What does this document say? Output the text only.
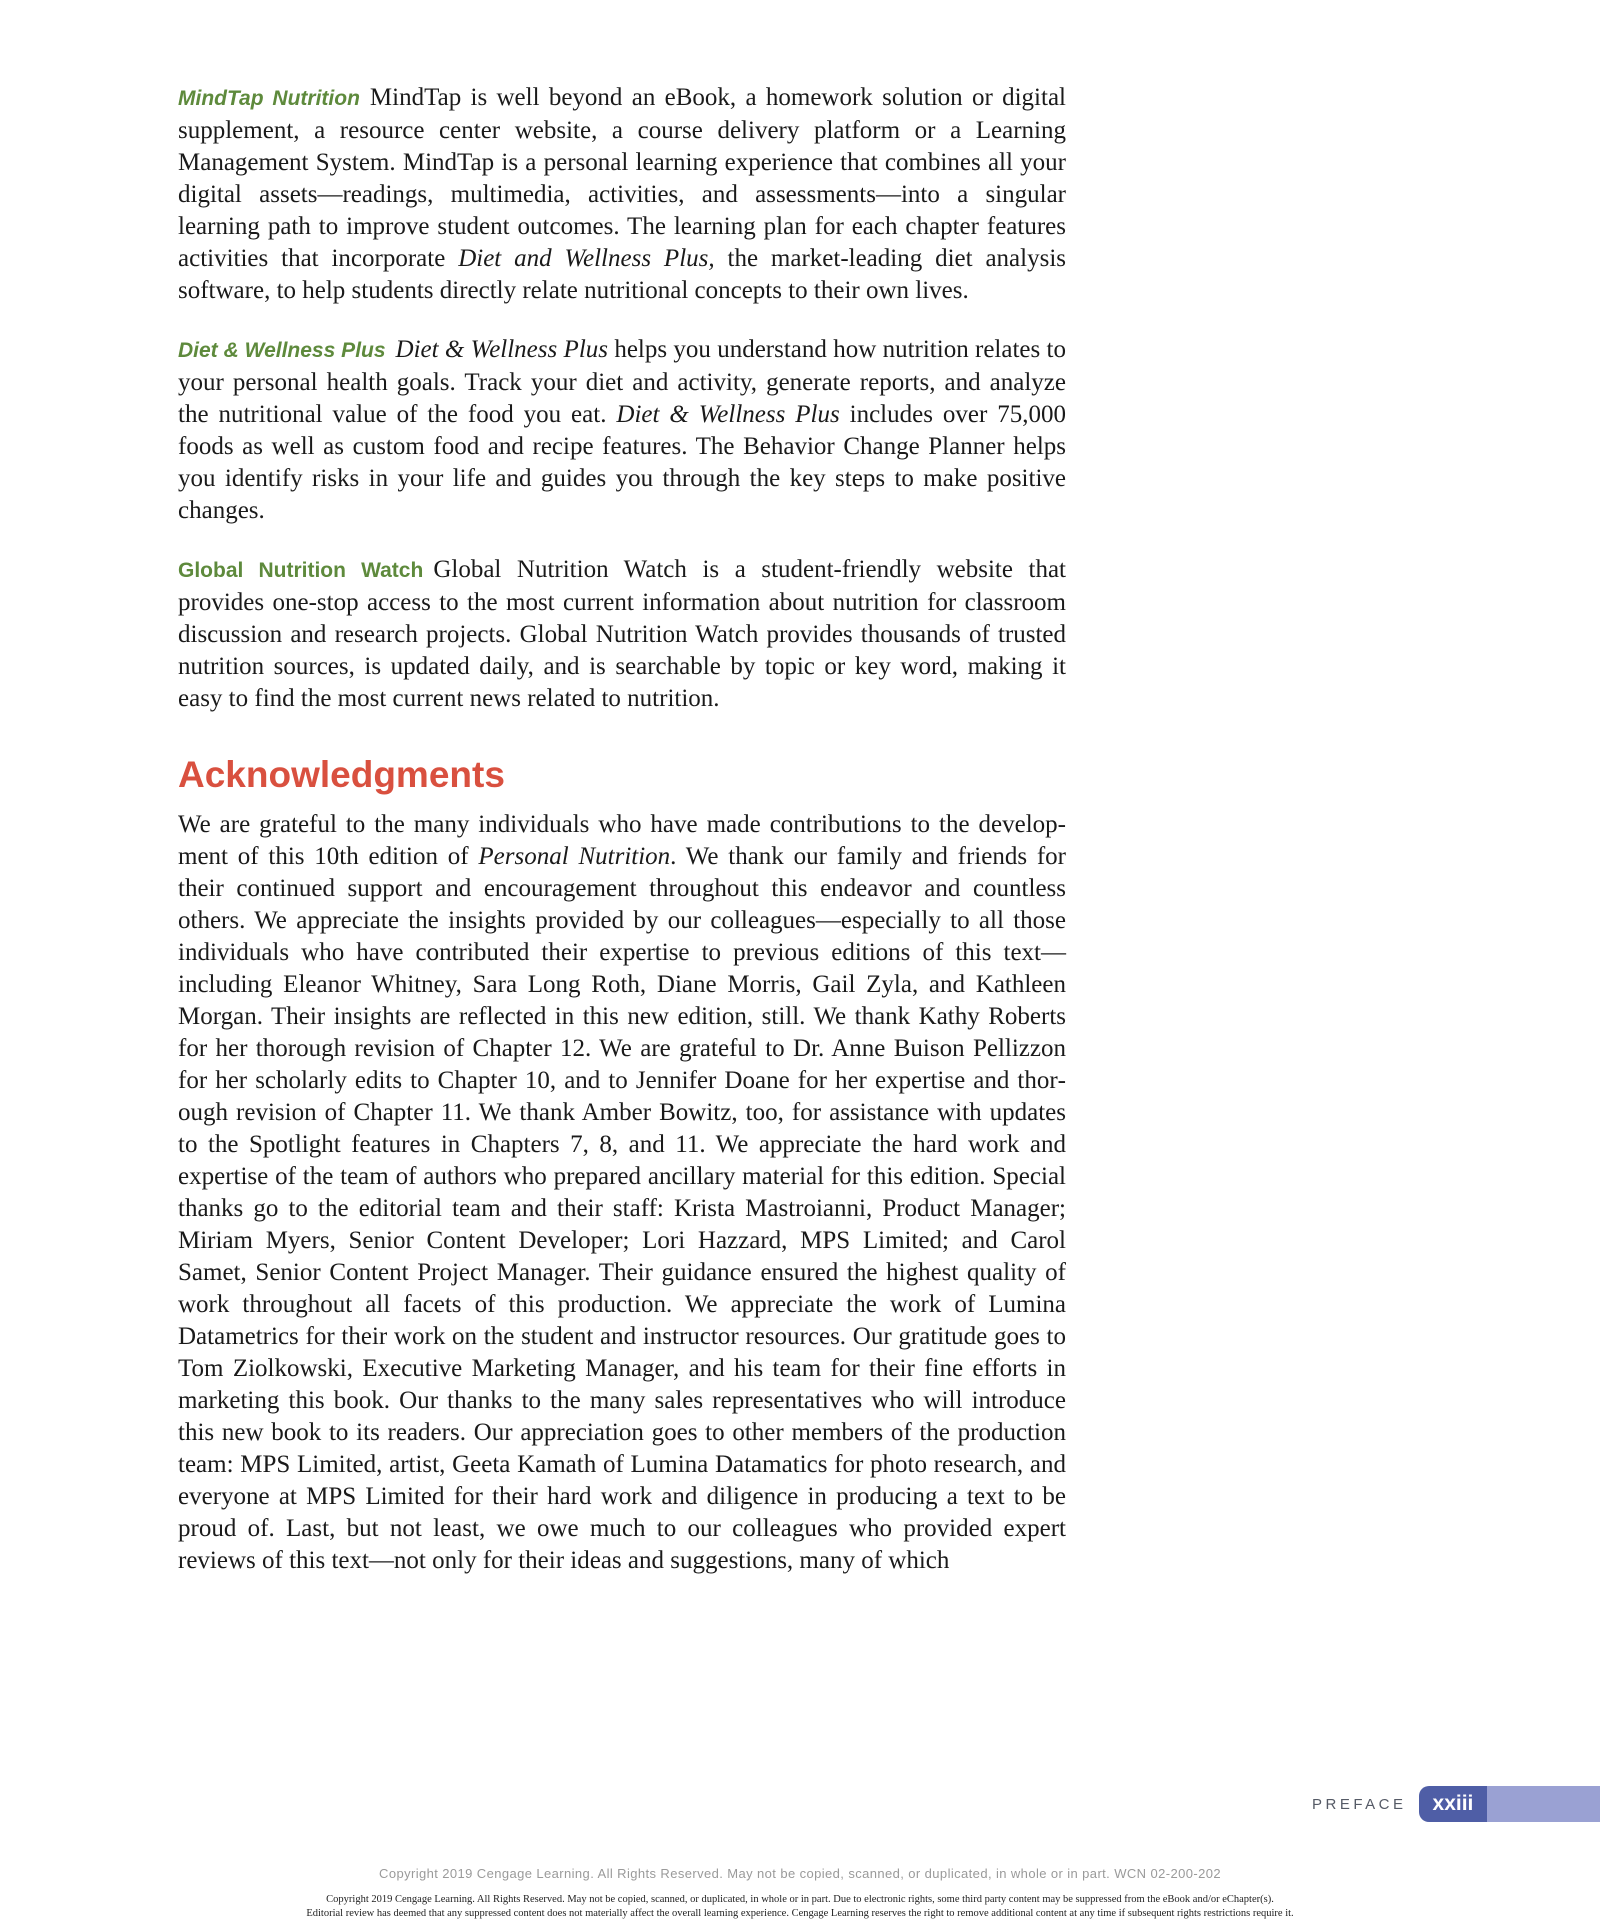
MindTap Nutrition MindTap is well beyond an eBook, a homework solution or digital supplement, a resource center website, a course delivery platform or a Learning Management System. MindTap is a personal learning experience that combines all your digital assets—readings, multimedia, activities, and assessments—into a singular learning path to improve student outcomes. The learning plan for each chapter features activities that incorporate Diet and Wellness Plus, the market-leading diet analysis software, to help students directly relate nutritional concepts to their own lives.

Diet & Wellness Plus Diet & Wellness Plus helps you understand how nutrition relates to your personal health goals. Track your diet and activity, generate reports, and analyze the nutritional value of the food you eat. Diet & Wellness Plus includes over 75,000 foods as well as custom food and recipe features. The Behavior Change Planner helps you identify risks in your life and guides you through the key steps to make positive changes.

Global Nutrition Watch Global Nutrition Watch is a student-friendly website that provides one-stop access to the most current information about nutrition for classroom discussion and research projects. Global Nutrition Watch provides thousands of trusted nutrition sources, is updated daily, and is searchable by topic or key word, making it easy to find the most current news related to nutrition.

Acknowledgments

We are grateful to the many individuals who have made contributions to the development of this 10th edition of Personal Nutrition. We thank our family and friends for their continued support and encouragement throughout this endeavor and countless others. We appreciate the insights provided by our colleagues—especially to all those individuals who have contributed their expertise to previous editions of this text—including Eleanor Whitney, Sara Long Roth, Diane Morris, Gail Zyla, and Kathleen Morgan. Their insights are reflected in this new edition, still. We thank Kathy Roberts for her thorough revision of Chapter 12. We are grateful to Dr. Anne Buison Pellizzon for her scholarly edits to Chapter 10, and to Jennifer Doane for her expertise and thorough revision of Chapter 11. We thank Amber Bowitz, too, for assistance with updates to the Spotlight features in Chapters 7, 8, and 11. We appreciate the hard work and expertise of the team of authors who prepared ancillary material for this edition. Special thanks go to the editorial team and their staff: Krista Mastroianni, Product Manager; Miriam Myers, Senior Content Developer; Lori Hazzard, MPS Limited; and Carol Samet, Senior Content Project Manager. Their guidance ensured the highest quality of work throughout all facets of this production. We appreciate the work of Lumina Datametrics for their work on the student and instructor resources. Our gratitude goes to Tom Ziolkowski, Executive Marketing Manager, and his team for their fine efforts in marketing this book. Our thanks to the many sales representatives who will introduce this new book to its readers. Our appreciation goes to other members of the production team: MPS Limited, artist, Geeta Kamath of Lumina Datamatics for photo research, and everyone at MPS Limited for their hard work and diligence in producing a text to be proud of. Last, but not least, we owe much to our colleagues who provided expert reviews of this text—not only for their ideas and suggestions, many of which

PREFACE	xxiii

Copyright 2019 Cengage Learning. All Rights Reserved. May not be copied, scanned, or duplicated, in whole or in part. WCN 02-200-202

Copyright 2019 Cengage Learning. All Rights Reserved. May not be copied, scanned, or duplicated, in whole or in part. Due to electronic rights, some third party content may be suppressed from the eBook and/or eChapter(s).
Editorial review has deemed that any suppressed content does not materially affect the overall learning experience. Cengage Learning reserves the right to remove additional content at any time if subsequent rights restrictions require it.
